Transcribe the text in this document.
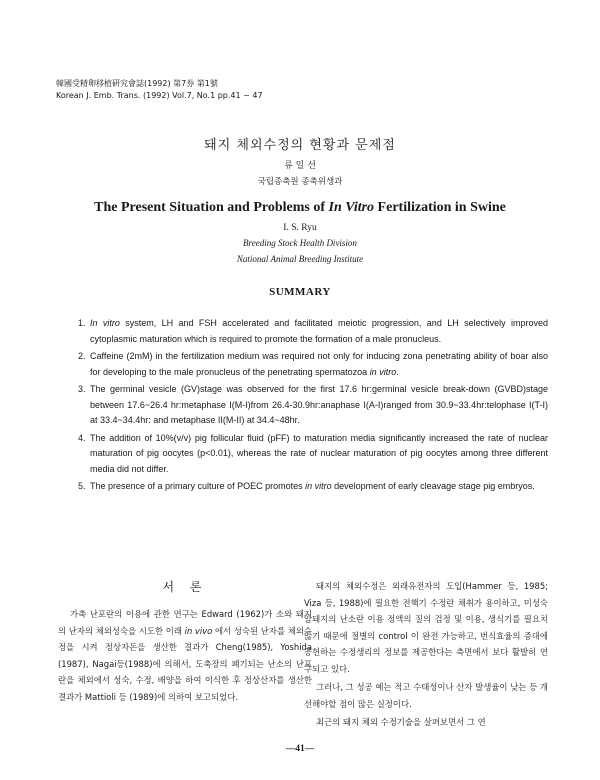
韓國受精卵移植硏究會誌(1992) 第7券 第1號
Korean J. Emb. Trans. (1992) Vol.7, No.1 pp.41 ~ 47
돼지 체외수정의 현황과 문제점
류 일 선
국립종축원 종축위생과
The Present Situation and Problems of In Vitro Fertilization in Swine
I. S. Ryu
Breeding Stock Health Division
National Animal Breeding Institute
SUMMARY
1. In vitro system, LH and FSH accelerated and facilitated meiotic progression, and LH selectively improved cytoplasmic maturation which is required to promote the formation of a male pronucleus.
2. Caffeine (2mM) in the fertilization medium was required not only for inducing zona penetrating ability of boar also for developing to the male pronucleus of the penetrating spermatozoa in vitro.
3. The germinal vesicle (GV)stage was observed for the first 17.6 hr:germinal vesicle break-down (GVBD)stage between 17.6~26.4 hr:metaphase I(M-I)from 26.4-30.9hr:anaphase I(A-I)ranged from 30.9~33.4hr:telophase I(T-I) at 33.4~34.4hr: and metaphase II(M-II) at 34.4~48hr.
4. The addition of 10%(v/v) pig follicular fluid (pFF) to maturation media significantly increased the rate of nuclear maturation of pig oocytes (p<0.01), whereas the rate of nuclear maturation of pig oocytes among three different media did not differ.
5. The presence of a primary culture of POEC promotes in vitro development of early cleavage stage pig embryos.
서 론

가축 난포란의 이용에 관한 연구는 Edward (1962)가 소와 돼지의 난자의 체외성숙을 시도한 이래 in vivo 에서 성숙된 난자를 체외수정을 시켜 정상자돈을 생산한 결과가 Cheng(1985), Yoshida (1987), Nagai등(1988)에 의해서, 도축장의 폐기되는 난소의 난포란을 체외에서 성숙, 수정, 배양을 하여 이식한 후 정상산자를 생산한 결과가 Mattioli 등 (1989)에 의하여 보고되었다.

돼지의 체외수정은 외래유전자의 도입(Hammer 등, 1985; Viza 등, 1988)에 필요한 전핵기 수정란 채취가 용이하고, 미성숙 암돼지의 난소란 이용 정액의 질의 검정 및 이용, 생식기를 필요치 않기 때문에 절별의 control 이 완전 가능하고, 번식효율의 증대에 공헌하는 수정생리의 정보를 제공한다는 측면에서 보다 활발히 연구되고 있다.

그러나, 그 성공 예는 적고 수태성이나 산자 발생율이 낮는 등 개선해야할 점이 많은 실정이다.

최근의 돼지 체외 수정기술을 살펴보면서 그 연

—41—
